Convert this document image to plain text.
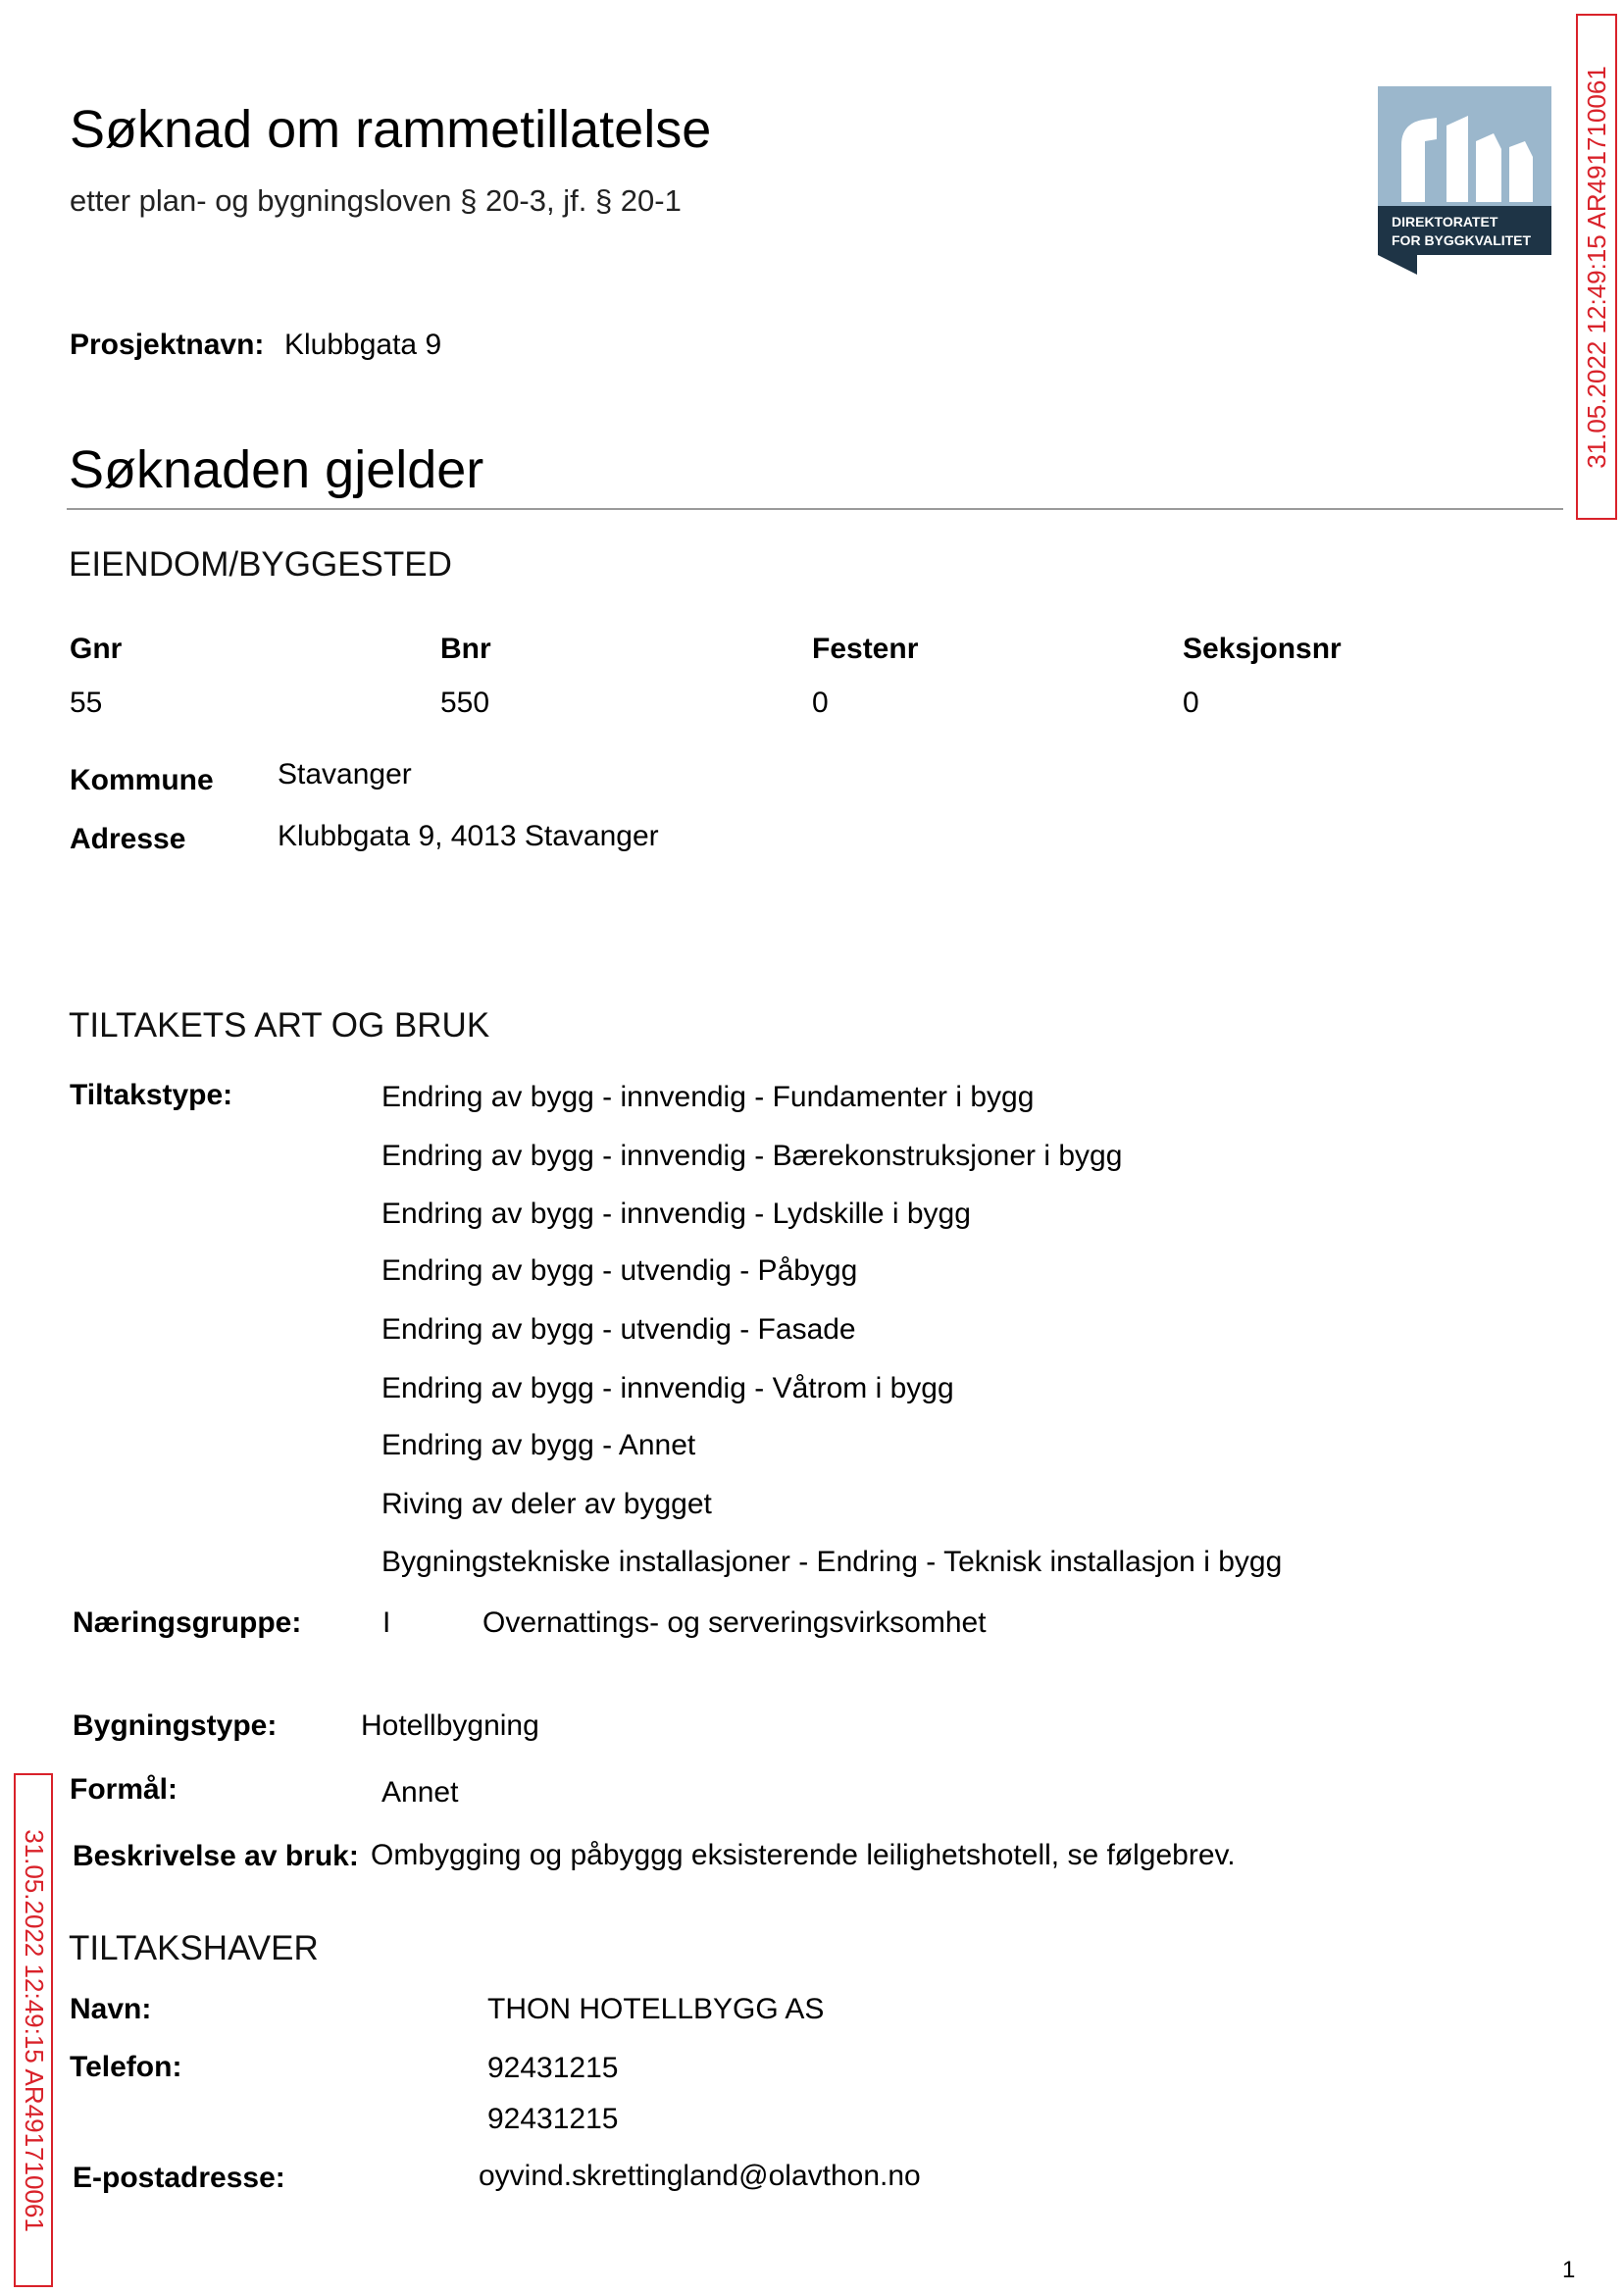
Søknad om rammetillatelse
etter plan- og bygningsloven § 20-3, jf. § 20-1
DIREKTORATET
FOR BYGGKVALITET 31.05.2022 12:49:15 AR491710061
31.05.2022 12:49:15 AR491710061
Prosjektnavn: Klubbgata 9
Søknaden gjelder
EIENDOM/BYGGESTED
Gnr	Bnr	Festenr	Seksjonsnr
55	550	0	0
Kommune Stavanger
Adresse	Klubbgata 9, 4013 Stavanger
TILTAKETS ART OG BRUK
Tiltakstype:	Endring av bygg - innvendig - Fundamenter i bygg
Endring av bygg - innvendig - Bærekonstruksjoner i bygg
Endring av bygg - innvendig - Lydskille i bygg
Endring av bygg - utvendig - Påbygg
Endring av bygg - utvendig - Fasade
Endring av bygg - innvendig - Våtrom i bygg
Endring av bygg - Annet
Riving av deler av bygget
Bygningstekniske installasjoner - Endring - Teknisk installasjon i bygg
Næringsgruppe:	I	Overnattings- og serveringsvirksomhet
Bygningstype:	Hotellbygning
Formål:	Annet
Beskrivelse av bruk: Ombygging og påbyggg eksisterende leilighetshotell, se følgebrev.
TILTAKSHAVER
Navn:	THON HOTELLBYGG AS
Telefon:	92431215
92431215
E-postadresse:	oyvind.skrettingland@olavthon.no
1
